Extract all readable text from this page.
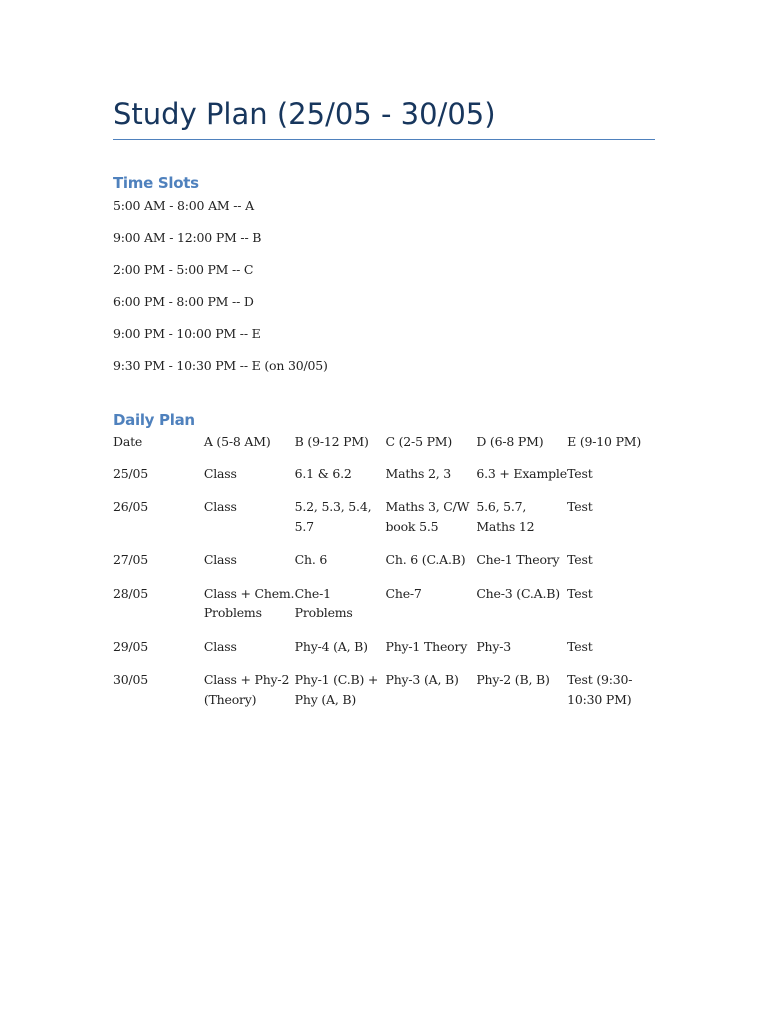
Study Plan (25/05 - 30/05)
Time Slots

5:00 AM - 8:00 AM -- A

9:00 AM - 12:00 PM -- B

2:00 PM - 5:00 PM -- C

6:00 PM - 8:00 PM -- D

9:00 PM - 10:00 PM -- E

9:30 PM - 10:30 PM -- E (on 30/05)

Daily Plan
Date	A (5-8 AM)	B (9-12 PM)	C (2-5 PM)	D (6-8 PM)	E (9-10 PM)
25/05	Class	6.1 & 6.2	Maths 2, 3	6.3 + Example	Test
26/05	Class	5.2, 5.3, 5.4, 5.7	Maths 3, C/W book 5.5	5.6, 5.7, Maths 12	Test
27/05	Class	Ch. 6	Ch. 6 (C.A.B)	Che-1 Theory	Test
28/05	Class + Chem. Problems	Che-1 Problems	Che-7	Che-3 (C.A.B)	Test
29/05	Class	Phy-4 (A, B)	Phy-1 Theory	Phy-3	Test
30/05	Class + Phy-2 (Theory)	Phy-1 (C.B) + Phy (A, B)	Phy-3 (A, B)	Phy-2 (B, B)	Test (9:30-10:30 PM)
